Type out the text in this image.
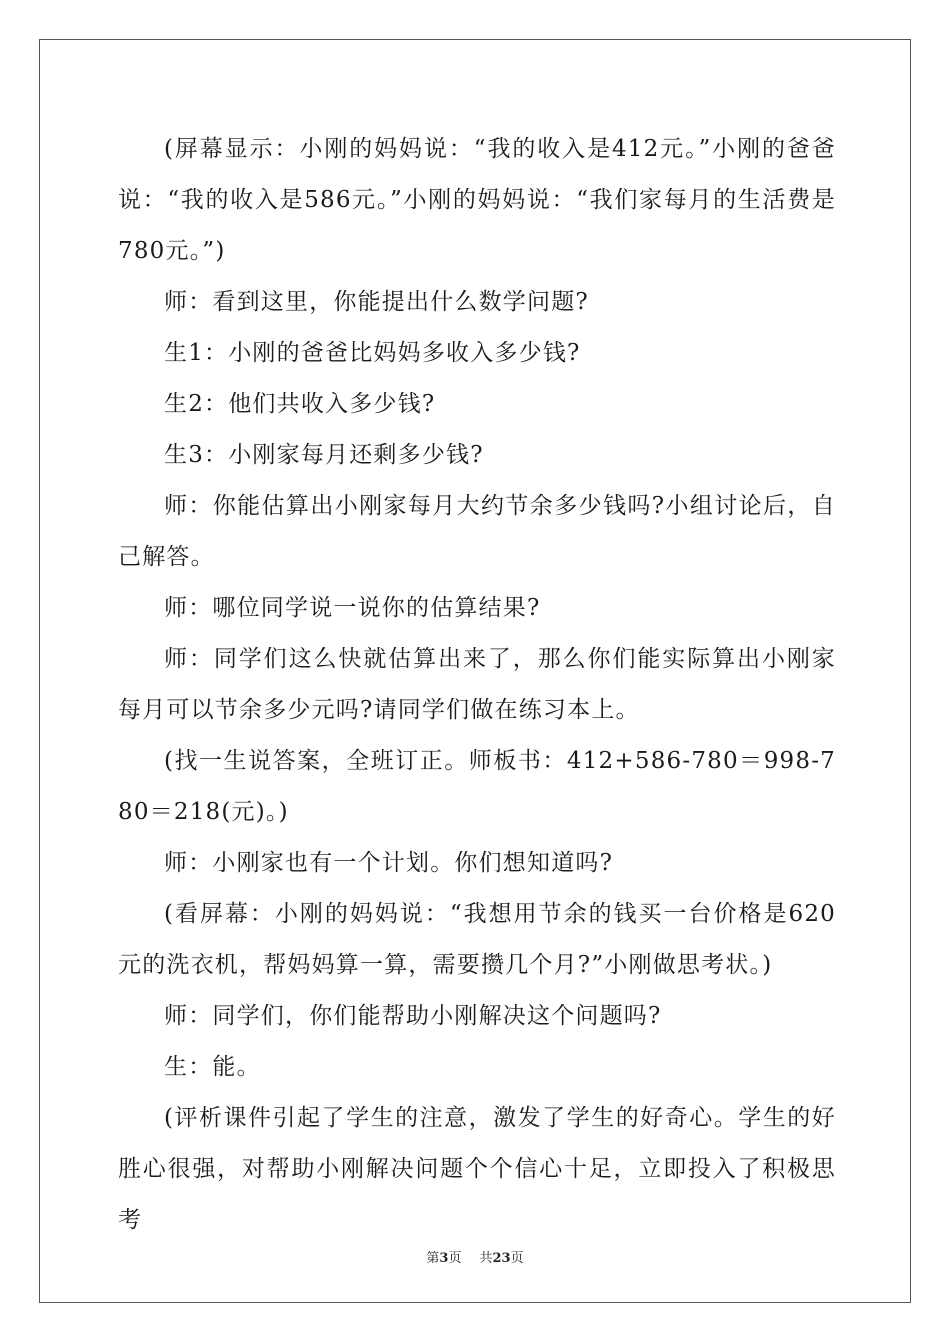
(屏幕显示：小刚的妈妈说：“我的收入是412元。”小刚的爸爸说：“我的收入是586元。”小刚的妈妈说：“我们家每月的生活费是780元。”)

师：看到这里，你能提出什么数学问题?

生1：小刚的爸爸比妈妈多收入多少钱?

生2：他们共收入多少钱?

生3：小刚家每月还剩多少钱?

师：你能估算出小刚家每月大约节余多少钱吗?小组讨论后，自己解答。

师：哪位同学说一说你的估算结果?

师：同学们这么快就估算出来了，那么你们能实际算出小刚家每月可以节余多少元吗?请同学们做在练习本上。

(找一生说答案，全班订正。师板书：412+586-780＝998-780＝218(元)。)

师：小刚家也有一个计划。你们想知道吗?

(看屏幕：小刚的妈妈说：“我想用节余的钱买一台价格是620元的洗衣机，帮妈妈算一算，需要攒几个月?”小刚做思考状。)

师：同学们，你们能帮助小刚解决这个问题吗?

生：能。

(评析课件引起了学生的注意，激发了学生的好奇心。学生的好胜心很强，对帮助小刚解决问题个个信心十足，立即投入了积极思考

第3页 共23页
